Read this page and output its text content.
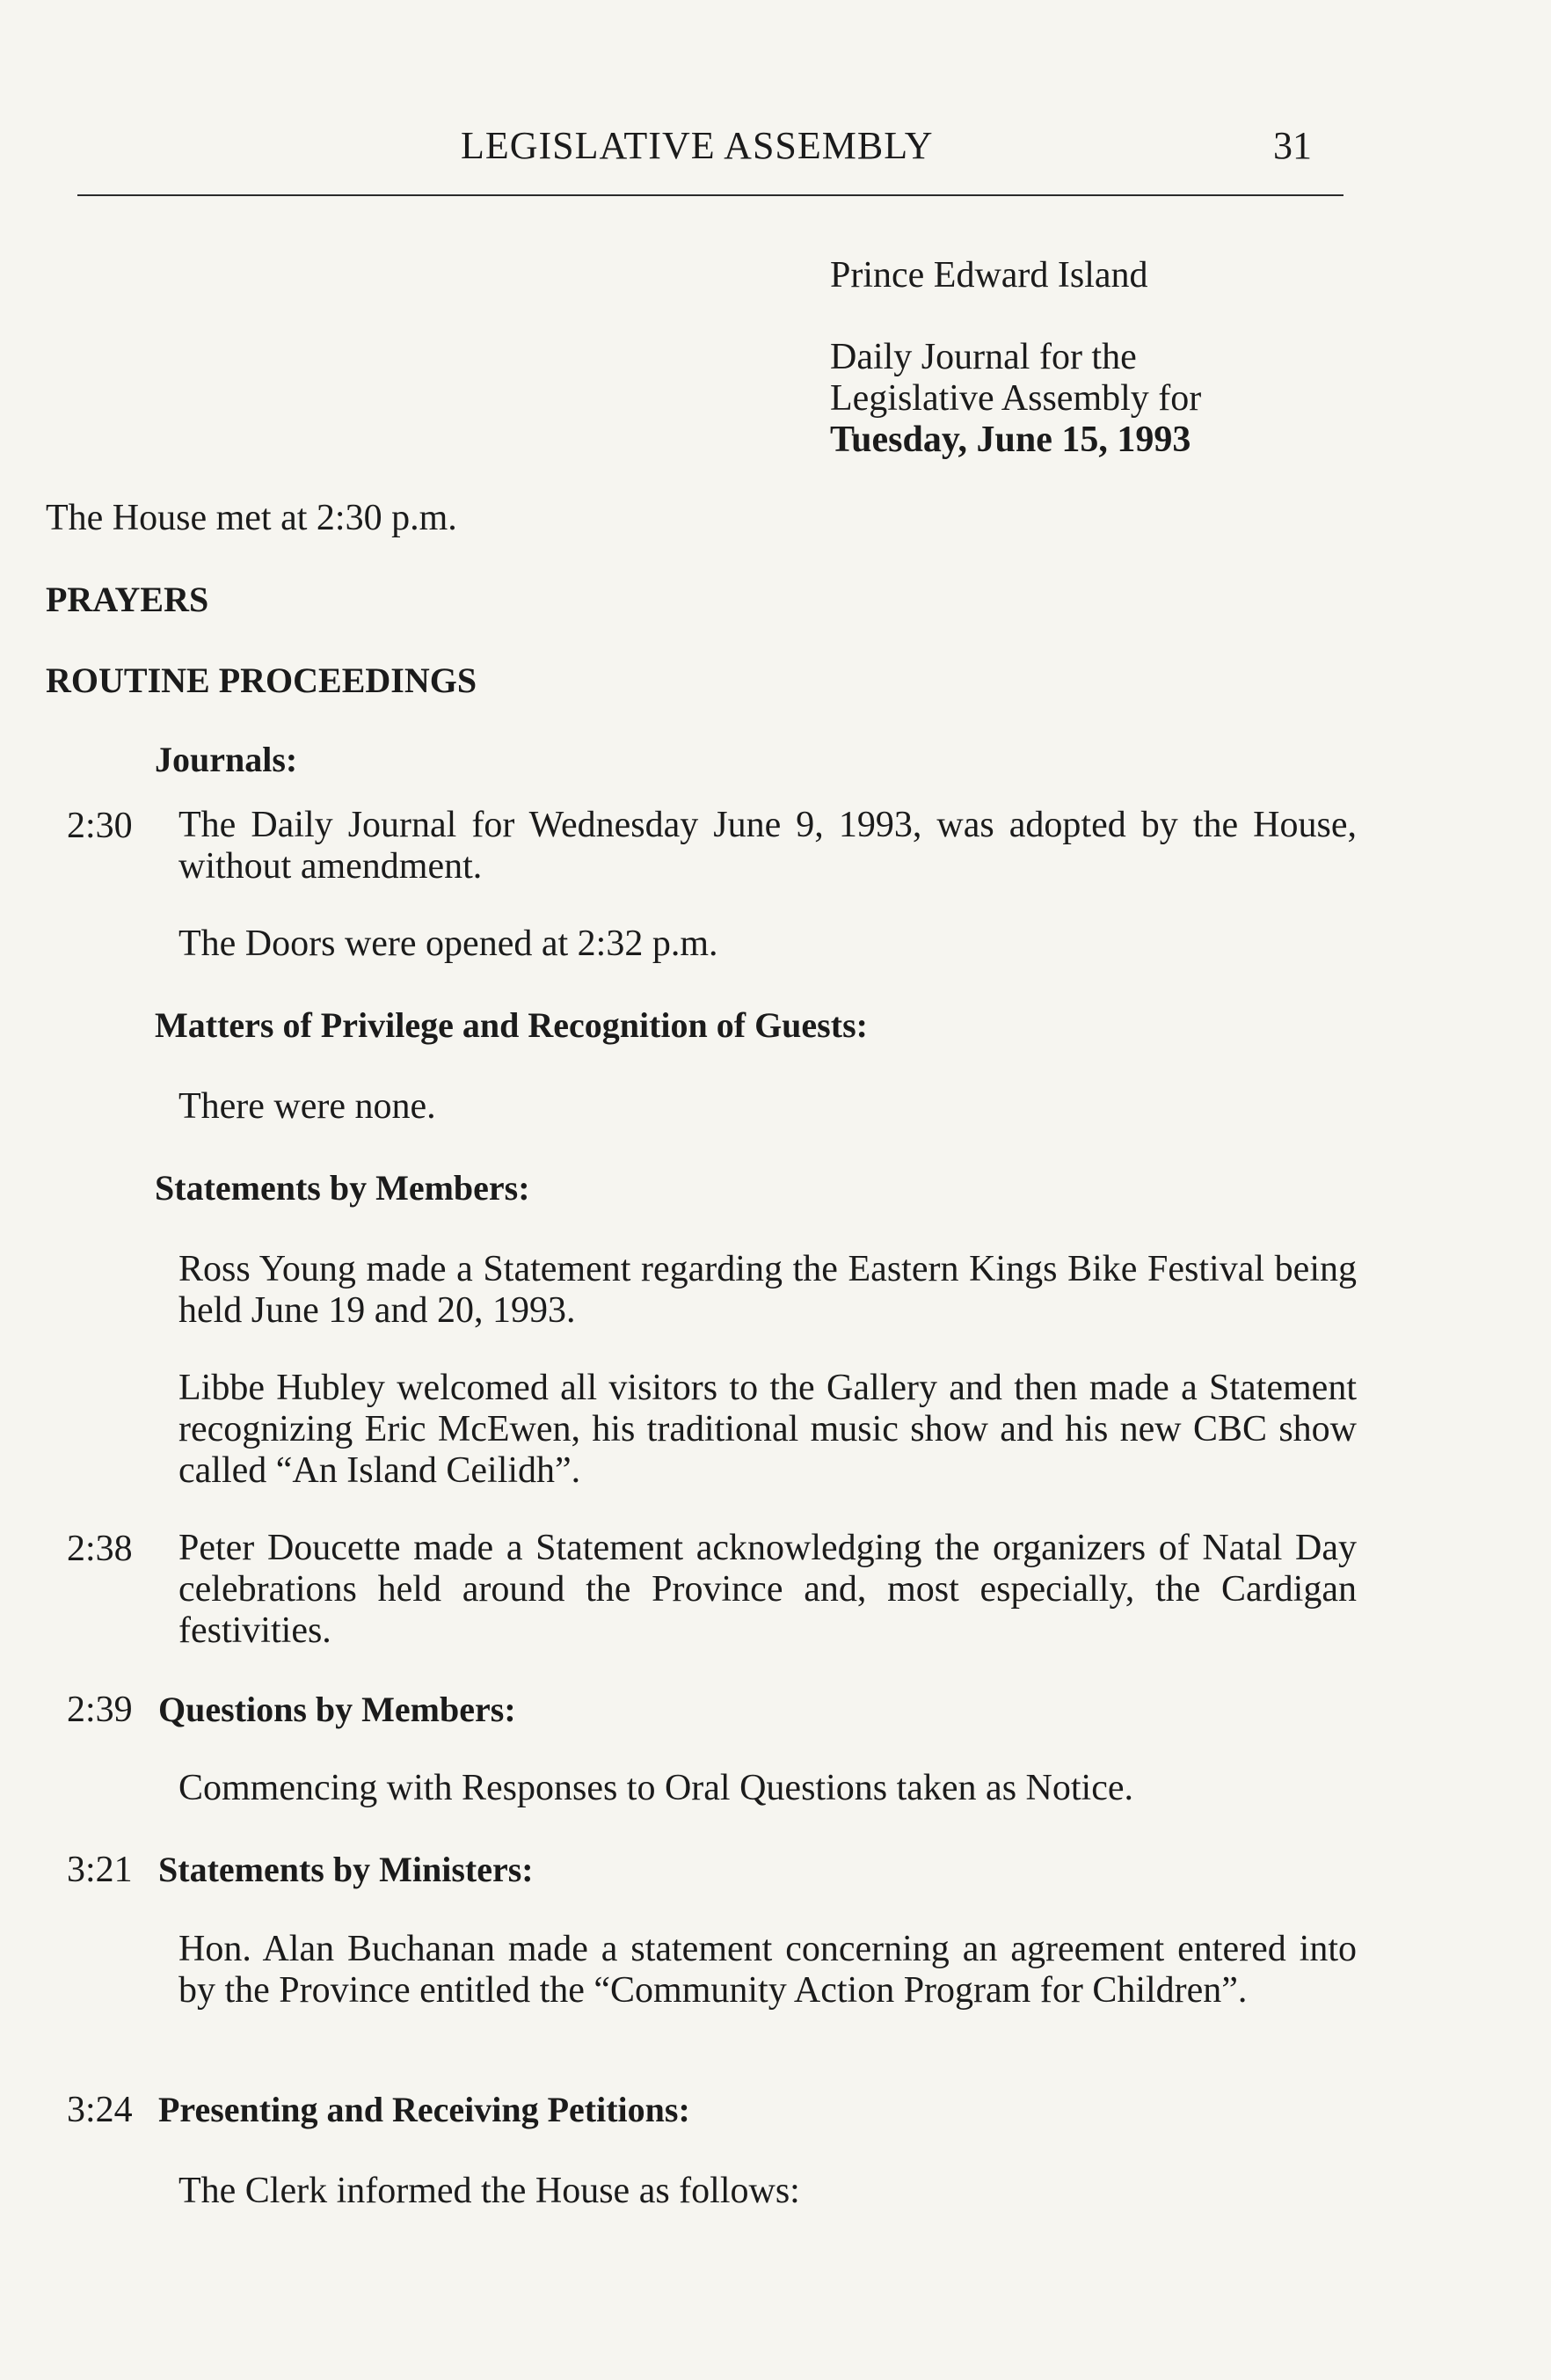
LEGISLATIVE ASSEMBLY	31
Prince Edward Island
Daily Journal for the
Legislative Assembly for
Tuesday, June 15, 1993
The House met at 2:30 p.m.
PRAYERS
ROUTINE PROCEEDINGS
Journals:
2:30 The Daily Journal for Wednesday June 9, 1993, was adopted by the House, without amendment.
The Doors were opened at 2:32 p.m.
Matters of Privilege and Recognition of Guests:
There were none.
Statements by Members:
Ross Young made a Statement regarding the Eastern Kings Bike Festival being held June 19 and 20, 1993.
Libbe Hubley welcomed all visitors to the Gallery and then made a Statement recognizing Eric McEwen, his traditional music show and his new CBC show called “An Island Ceilidh”.
2:38 Peter Doucette made a Statement acknowledging the organizers of Natal Day celebrations held around the Province and, most especially, the Cardigan festivities.
2:39 Questions by Members:
Commencing with Responses to Oral Questions taken as Notice.
3:21 Statements by Ministers:
Hon. Alan Buchanan made a statement concerning an agreement entered into by the Province entitled the “Community Action Program for Children”.
3:24 Presenting and Receiving Petitions:
The Clerk informed the House as follows:
